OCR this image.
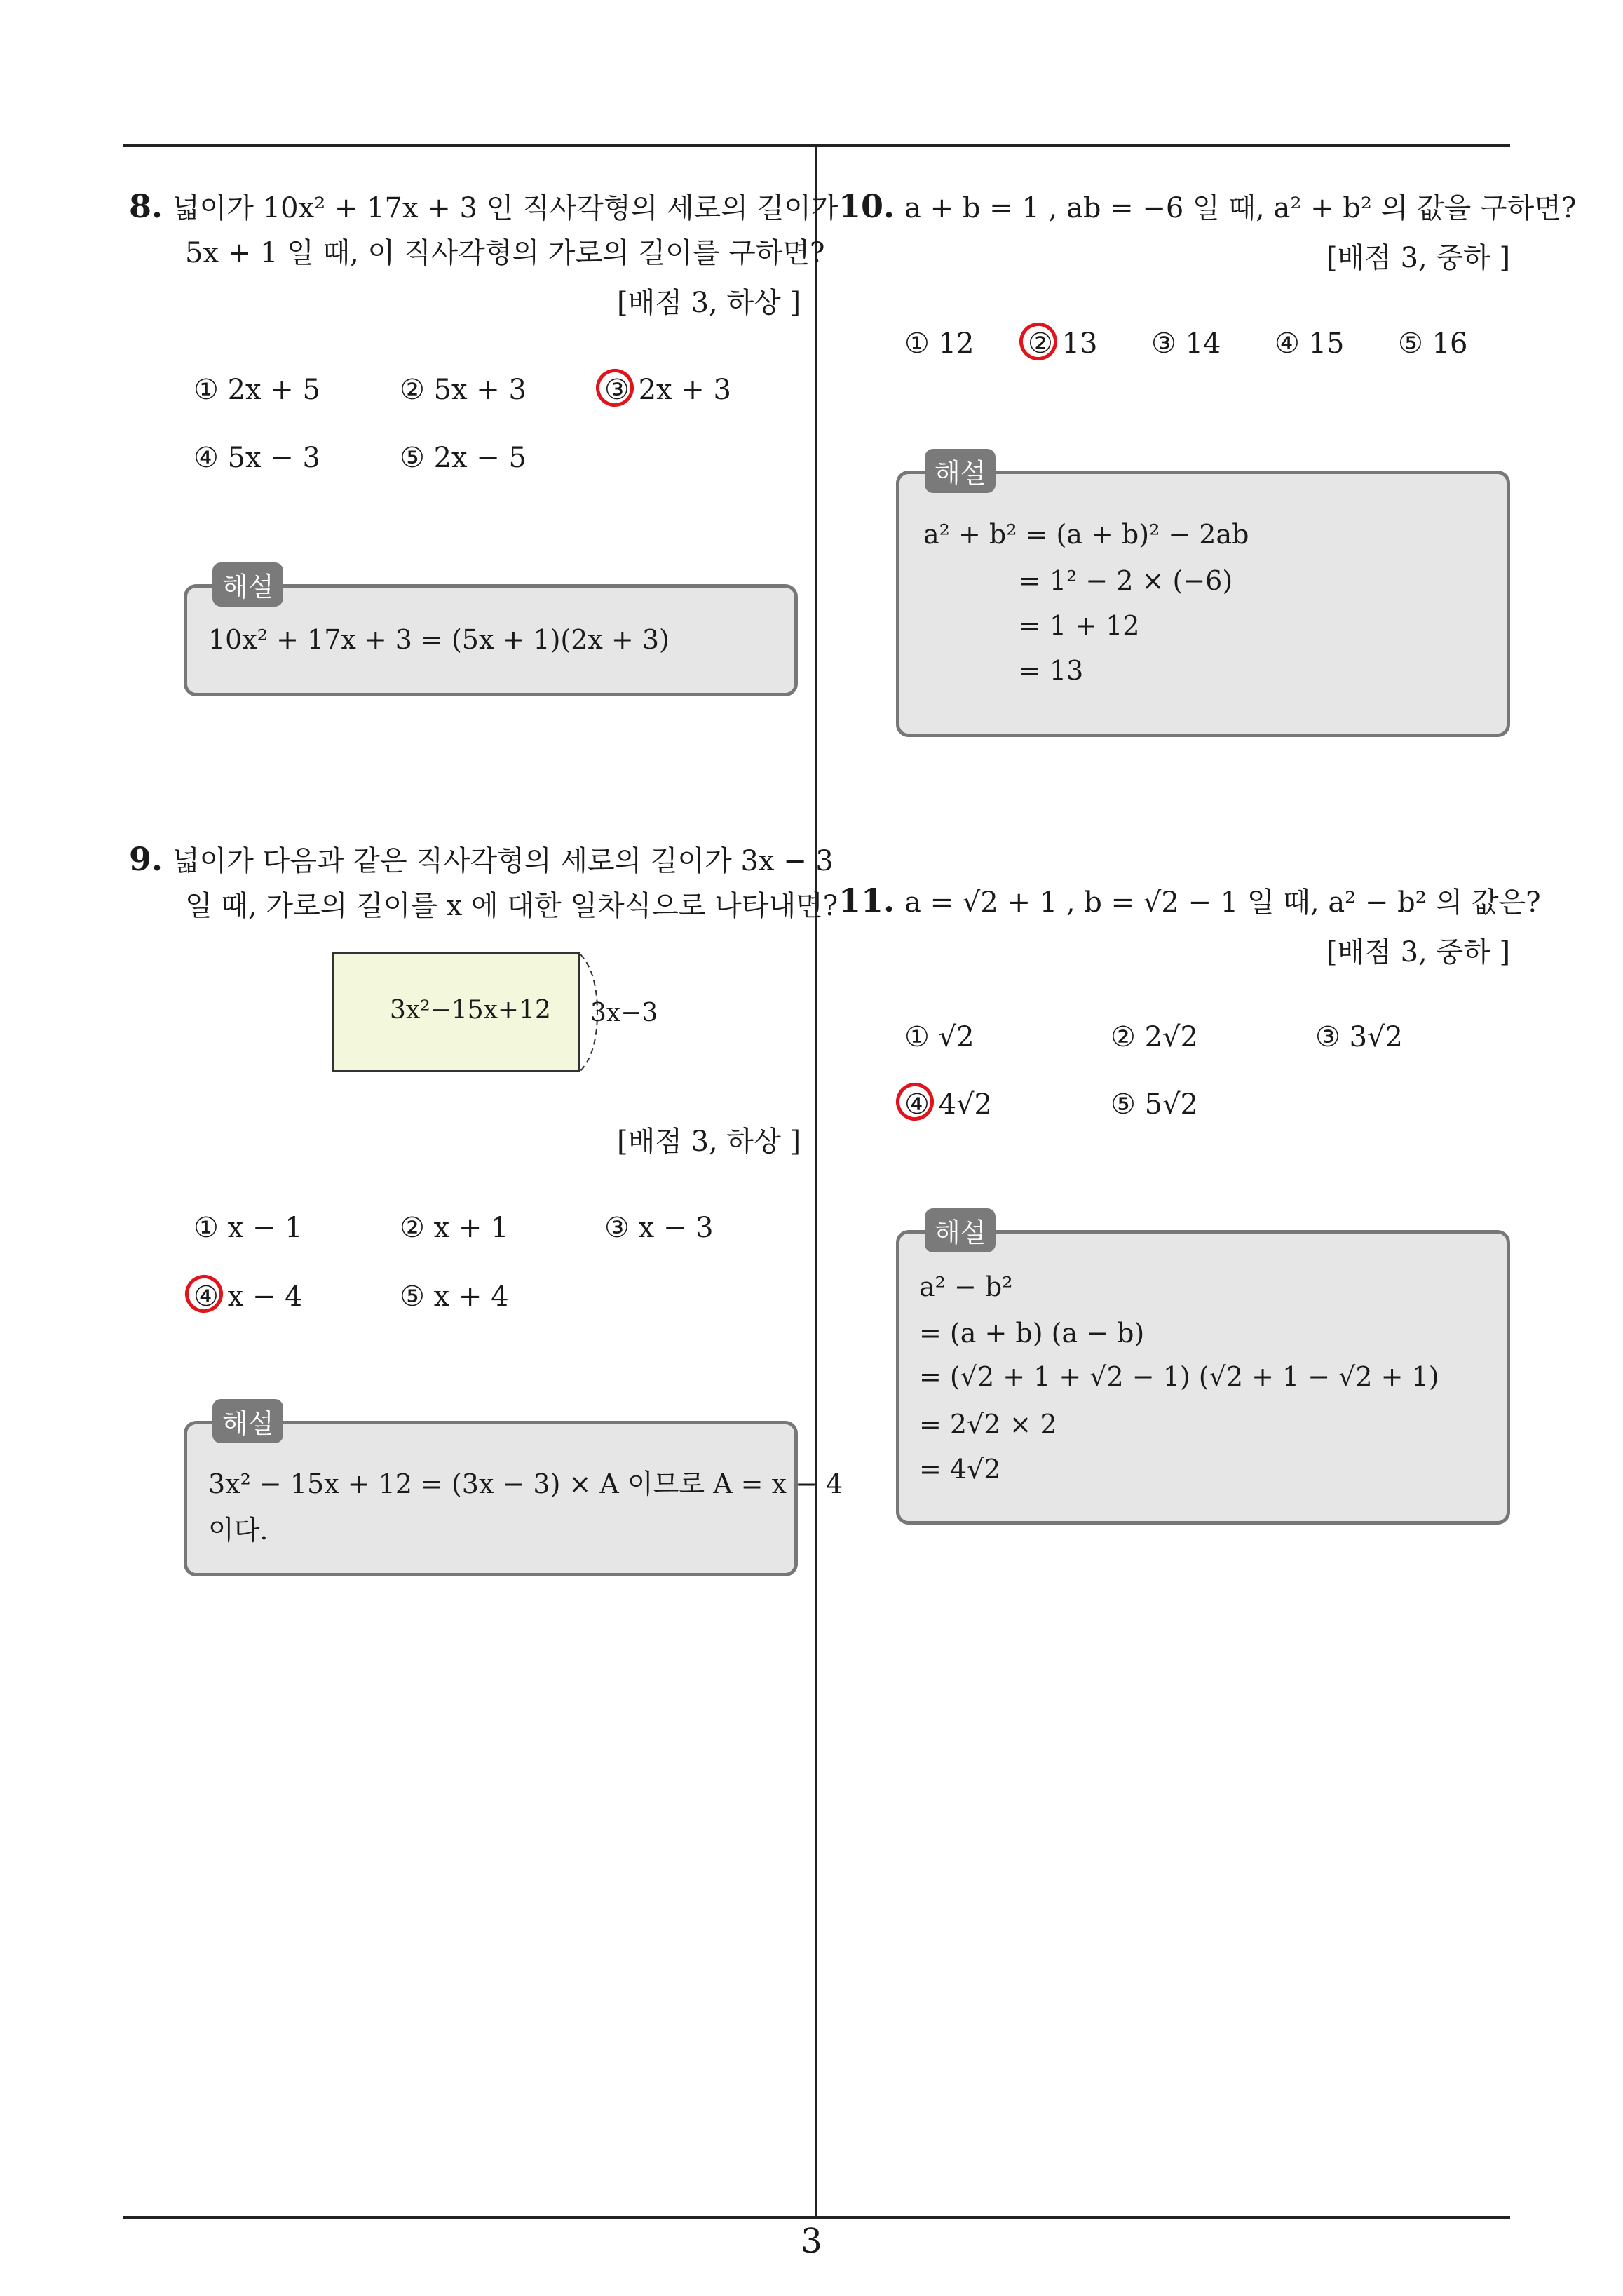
8. 넓이가 10x² + 17x + 3 인 직사각형의 세로의 길이가
5x + 1 일 때, 이 직사각형의 가로의 길이를 구하면?
[배점 3, 하상 ]
① 2x + 5	② 5x + 3	③ 2x + 3
④ 5x − 3	⑤ 2x − 5
해설
10x² + 17x + 3 = (5x + 1)(2x + 3)
9. 넓이가 다음과 같은 직사각형의 세로의 길이가 3x − 3
일 때, 가로의 길이를 x 에 대한 일차식으로 나타내면?
3x²−15x+12 3x−3
[배점 3, 하상 ]
① x − 1	② x + 1	③ x − 3
④ x − 4	⑤ x + 4
해설
3x² − 15x + 12 = (3x − 3) × A 이므로 A = x − 4
이다.
10. a + b = 1 , ab = −6 일 때, a² + b² 의 값을 구하면?
[배점 3, 중하 ]
① 12 ② 13 ③ 14 ④ 15 ⑤ 16
해설
a² + b² = (a + b)² − 2ab
= 1² − 2 × (−6)
= 1 + 12
= 13
11. a = √2 + 1 , b = √2 − 1 일 때, a² − b² 의 값은?
[배점 3, 중하 ]
① √2	② 2√2	③ 3√2
④ 4√2	⑤ 5√2
해설
a² − b²
= (a + b) (a − b)
= (√2 + 1 + √2 − 1) (√2 + 1 − √2 + 1)
= 2√2 × 2
= 4√2
3
